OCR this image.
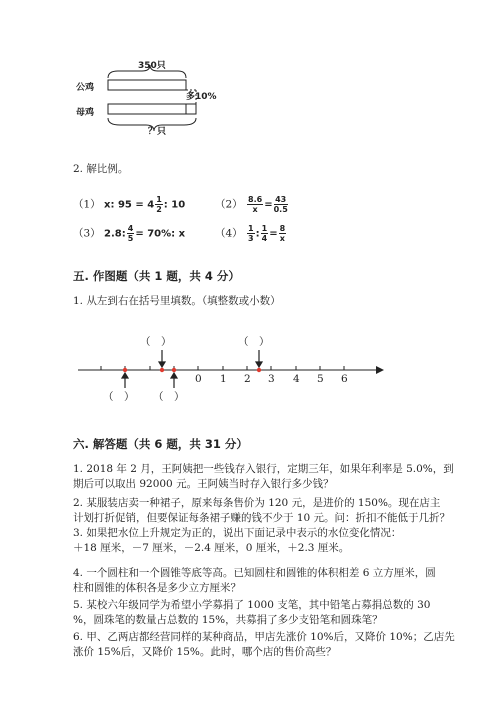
350只
公鸡
母鸡
多10%
？只
2. 解比例。
（1） x: $95 = 4 \frac{1}{2}$ : 10	$(2) \frac{8.6}{x} = \frac{43}{0.5}$
（3） 2.8: $\frac{4}{5} = 70\%$: x	$(4) \frac{1}{3}$ : $\frac{1}{4} = \frac{8}{x}$
五. 作图题（共 1 题，共 4 分）
1. 从左到右在括号里填数。（填整数或小数）
（　）	（　）
（　） （　）
0 1 2 3 4 5 6
六. 解答题（共 6 题，共 31 分）
1. 2018 年 2 月，王阿姨把一些钱存入银行，定期三年，如果年利率是 5.0%，到
期后可以取出 92000 元。王阿姨当时存入银行多少钱？
2. 某服装店卖一种裙子，原来每条售价为 120 元，是进价的 150%。现在店主
计划打折促销，但要保证每条裙子赚的钱不少于 10 元。问：折扣不能低于几折？
3. 如果把水位上升规定为正的，说出下面记录中表示的水位变化情况：
＋18 厘米，－7 厘米，－2.4 厘米，0 厘米，＋2.3 厘米。
4. 一个圆柱和一个圆锥等底等高。已知圆柱和圆锥的体积相差 6 立方厘米，圆
柱和圆锥的体积各是多少立方厘米？
5. 某校六年级同学为希望小学募捐了 1000 支笔，其中铅笔占募捐总数的 30
%，圆珠笔的数量占总数的 15%，共募捐了多少支铅笔和圆珠笔？
6. 甲、乙两店都经营同样的某种商品，甲店先涨价 10%后，又降价 10%；乙店先
涨价 15%后，又降价 15%。此时，哪个店的售价高些？
